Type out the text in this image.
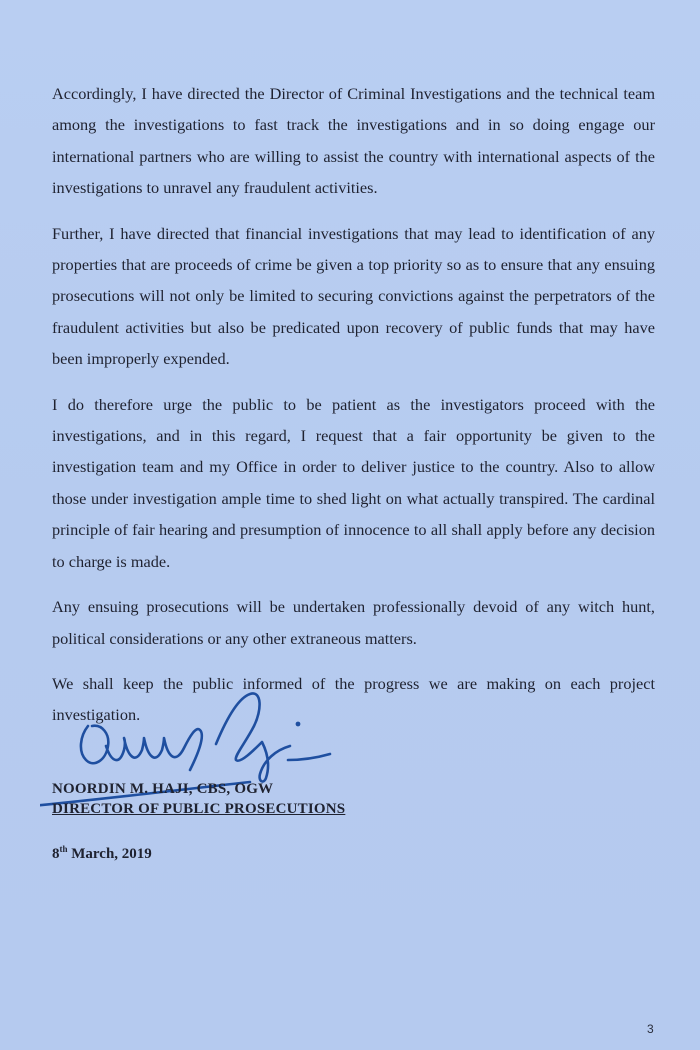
Accordingly, I have directed the Director of Criminal Investigations and the technical team among the investigations to fast track the investigations and in so doing engage our international partners who are willing to assist the country with international aspects of the investigations to unravel any fraudulent activities.

Further, I have directed that financial investigations that may lead to identification of any properties that are proceeds of crime be given a top priority so as to ensure that any ensuing prosecutions will not only be limited to securing convictions against the perpetrators of the fraudulent activities but also be predicated upon recovery of public funds that may have been improperly expended.

I do therefore urge the public to be patient as the investigators proceed with the investigations, and in this regard, I request that a fair opportunity be given to the investigation team and my Office in order to deliver justice to the country. Also to allow those under investigation ample time to shed light on what actually transpired. The cardinal principle of fair hearing and presumption of innocence to all shall apply before any decision to charge is made.

Any ensuing prosecutions will be undertaken professionally devoid of any witch hunt, political considerations or any other extraneous matters.

We shall keep the public informed of the progress we are making on each project investigation.

NOORDIN M. HAJI, CBS, OGW

DIRECTOR OF PUBLIC PROSECUTIONS

8th March, 2019
3
